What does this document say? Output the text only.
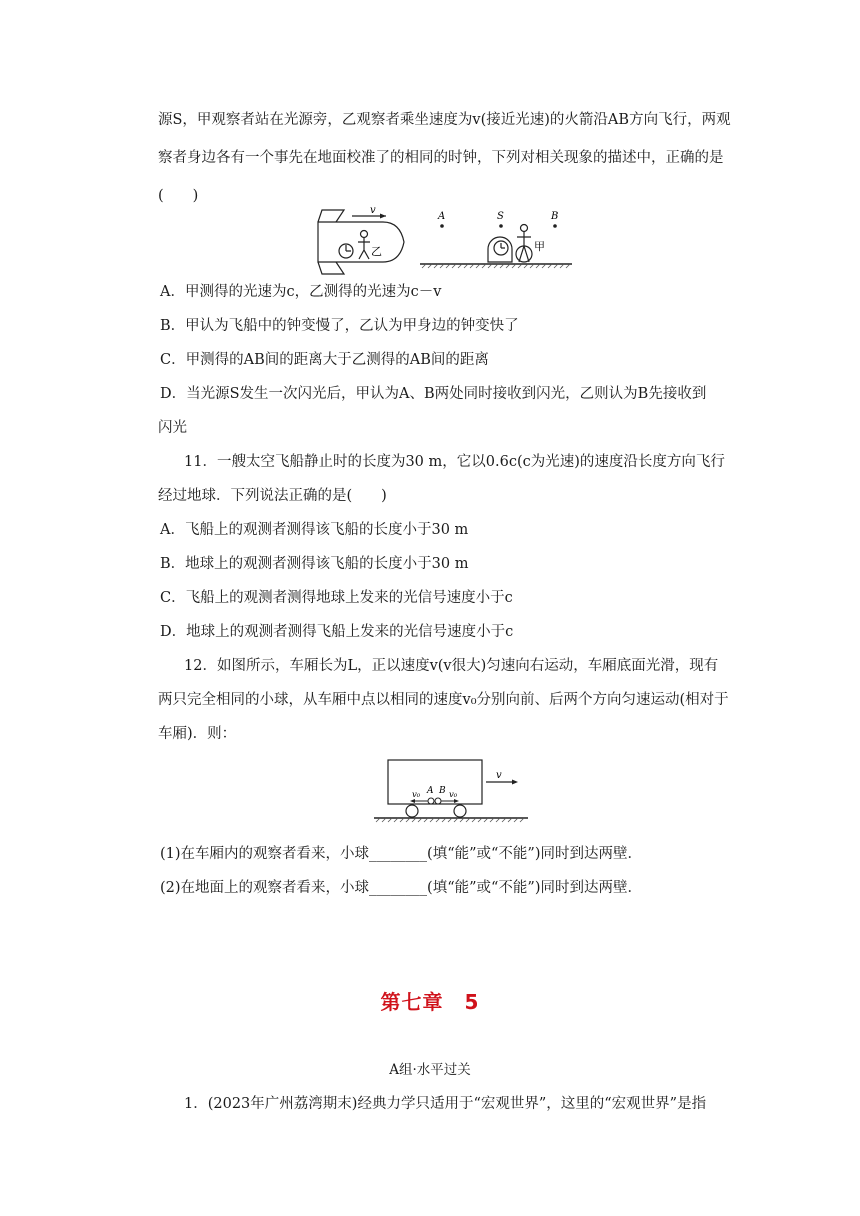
源S，甲观察者站在光源旁，乙观察者乘坐速度为v(接近光速)的火箭沿AB方向飞行，两观
察者身边各有一个事先在地面校准了的相同的时钟，下列对相关现象的描述中，正确的是
(　　)
v
乙
A	S	B
甲
A．甲测得的光速为c，乙测得的光速为c－v
B．甲认为飞船中的钟变慢了，乙认为甲身边的钟变快了
C．甲测得的AB间的距离大于乙测得的AB间的距离
D．当光源S发生一次闪光后，甲认为A、B两处同时接收到闪光，乙则认为B先接收到
闪光
11．一艘太空飞船静止时的长度为30 m，它以0.6c(c为光速)的速度沿长度方向飞行
经过地球．下列说法正确的是(　　)
A．飞船上的观测者测得该飞船的长度小于30 m
B．地球上的观测者测得该飞船的长度小于30 m
C．飞船上的观测者测得地球上发来的光信号速度小于c
D．地球上的观测者测得飞船上发来的光信号速度小于c
12．如图所示，车厢长为L，正以速度v(v很大)匀速向右运动，车厢底面光滑，现有
两只完全相同的小球，从车厢中点以相同的速度v₀分别向前、后两个方向匀速运动(相对于
车厢)．则：
v₀ A B v₀
v
(1)在车厢内的观察者看来，小球________(填“能”或“不能”)同时到达两壁．
(2)在地面上的观察者看来，小球________(填“能”或“不能”)同时到达两壁．
第七章　5
A组·水平过关
1．(2023年广州荔湾期末)经典力学只适用于“宏观世界”，这里的“宏观世界”是指
